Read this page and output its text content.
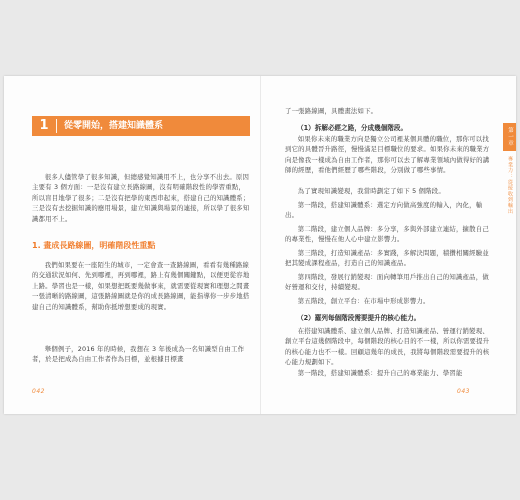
1	從零開始，搭建知識體系

很多人儘管學了很多知識，但總感覺知識用不上，也分享不出去。原因主要有 3 個方面：一是沒有建立長路線圖，沒有明確階段性的學習重點，所以盲目地學了很多；二是沒有把學的東西串起來，搭建自己的知識體系；三是沒有去挖掘知識的應用場景，建立知識與場景的連接，所以學了很多知識都用不上。

1. 畫成長路線圖，明確階段性重點

我們如果要在一座陌生的城市，一定會查一查路線圖，看看有幾種路線的交通狀況如何、先到哪裡，再到哪裡，路上有幾個關鍵點，以便更從容地上路。學習也是一樣，如果想把既要幾做事來，就需要從現實和理想之間畫一張清晰的路線圖，這張路線圖就是你的成長路線圖，能指導你一步步地搭建自己的知識體系，幫助你抵增想要成的現實。

舉個例子，2016 年的時候，我想在 3 年後成為一名知識型自由工作者，於是把成為自由工作者作為目標，並根據目標畫

042

了一張路線圖，具體畫法如下。

（1）拆解必經之路，分成幾個階段。

如果你未來的職業方向是獨立公司裡某個具體的職位，那你可以找到它的具體晉升路徑，慢慢滿足目標職位的要求。如果你未來的職業方向是像我一樣成為自由工作者，那你可以去了解專業領域內做得好的講師的經歷，看他們經歷了哪些階段，分別做了哪些事情。

為了實現知識變現，我當時劃定了如下 5 個階段。

第一階段，搭建知識體系：選定方向做高強度的輸入，內化，輸出。

第二階段，建立個人品牌：多分享，多與外部建立連結，擴散自己的專業性，慢慢在他人心中建立影響力。

第三階段，打造知識產品：多實踐，多解決問題，積攢相關經驗並把其變成課程產品，打造自己的知識產品。

第四階段，發展行銷變現：面向轉筆用戶推出自己的知識產品，做好營運和交付，持續變現。

第五階段，創立平台：在市場中形成影響力。

（2）羅列每個階段需要提升的核心能力。

在搭建知識體系、建立個人品牌、打造知識產品、營運行銷變現、創立平台這幾個階段中，每個階段的核心目的不一樣，所以你需要提升的核心能力也不一樣。回顧這幾年的成長，我將每個階段需要提升的核心能力規劃如下。

第一階段，搭建知識體系：提升自己的專業能力、學習能

043
第一章
專業力：從接收到輸出
